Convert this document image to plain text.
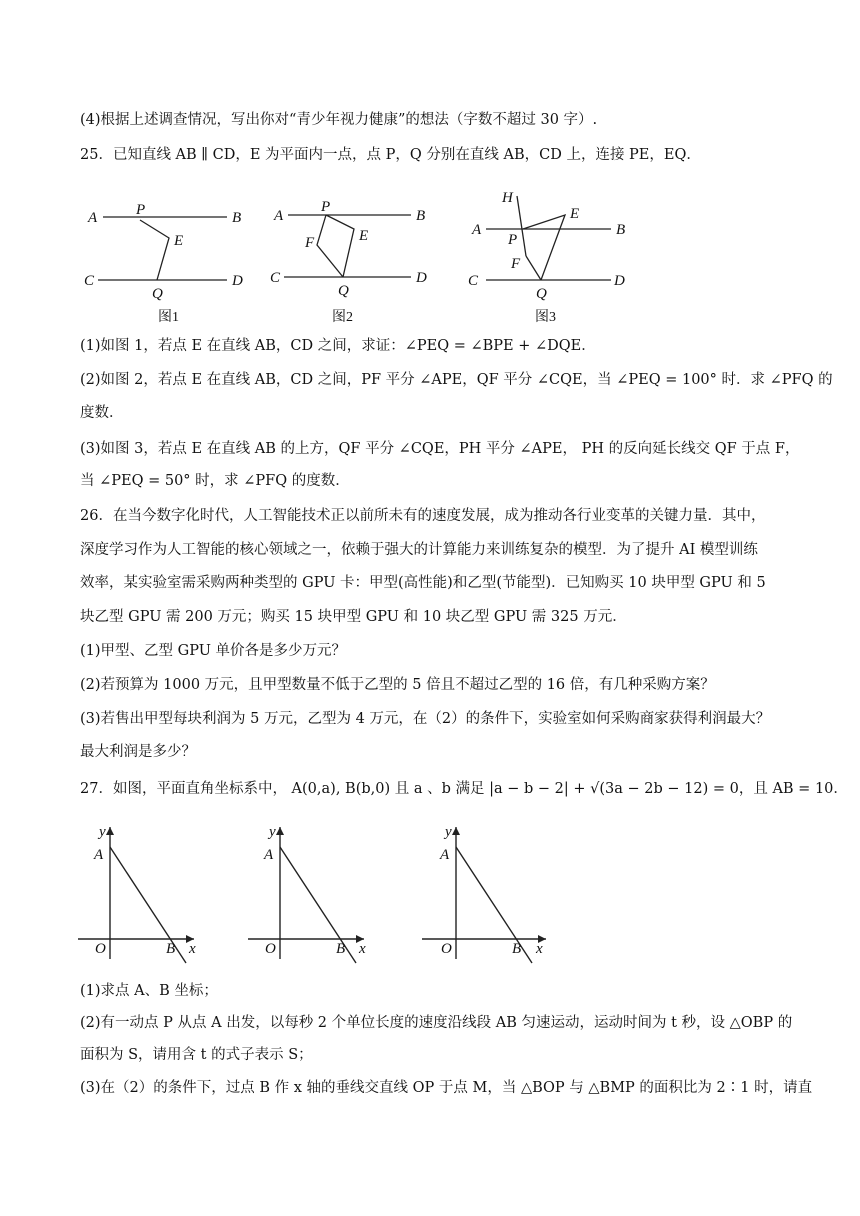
(4)根据上述调查情况，写出你对“青少年视力健康”的想法（字数不超过 30 字）.
25．已知直线 AB ∥ CD，E 为平面内一点，点 P，Q 分别在直线 AB，CD 上，连接 PE，EQ．
A	B
P
E
C	D
Q
图1
A	B
P
E
F
C	D
Q
图2
H
E
A	B
P
F
C	D
Q
图3
(1)如图 1，若点 E 在直线 AB，CD 之间，求证：∠PEQ = ∠BPE + ∠DQE．
(2)如图 2，若点 E 在直线 AB，CD 之间，PF 平分 ∠APE，QF 平分 ∠CQE，当 ∠PEQ = 100° 时．求 ∠PFQ 的
度数．
(3)如图 3，若点 E 在直线 AB 的上方，QF 平分 ∠CQE，PH 平分 ∠APE， PH 的反向延长线交 QF 于点 F，
当 ∠PEQ = 50° 时，求 ∠PFQ 的度数．
26．在当今数字化时代，人工智能技术正以前所未有的速度发展，成为推动各行业变革的关键力量．其中，
深度学习作为人工智能的核心领域之一，依赖于强大的计算能力来训练复杂的模型．为了提升 AI 模型训练
效率，某实验室需采购两种类型的 GPU 卡：甲型(高性能)和乙型(节能型)．已知购买 10 块甲型 GPU 和 5
块乙型 GPU 需 200 万元；购买 15 块甲型 GPU 和 10 块乙型 GPU 需 325 万元．
(1)甲型、乙型 GPU 单价各是多少万元？
(2)若预算为 1000 万元，且甲型数量不低于乙型的 5 倍且不超过乙型的 16 倍，有几种采购方案？
(3)若售出甲型每块利润为 5 万元，乙型为 4 万元，在（2）的条件下，实验室如何采购商家获得利润最大？
最大利润是多少？
27．如图，平面直角坐标系中， A(0,a), B(b,0) 且 a 、b 满足 |a − b − 2| + √(3a − 2b − 12) = 0，且 AB = 10．
y
A
O	B x
y
A
O	B x
y
A
O	B x
(1)求点 A、B 坐标；
(2)有一动点 P 从点 A 出发，以每秒 2 个单位长度的速度沿线段 AB 匀速运动，运动时间为 t 秒，设 △OBP 的
面积为 S，请用含 t 的式子表示 S；
(3)在（2）的条件下，过点 B 作 x 轴的垂线交直线 OP 于点 M，当 △BOP 与 △BMP 的面积比为 2∶1 时，请直
